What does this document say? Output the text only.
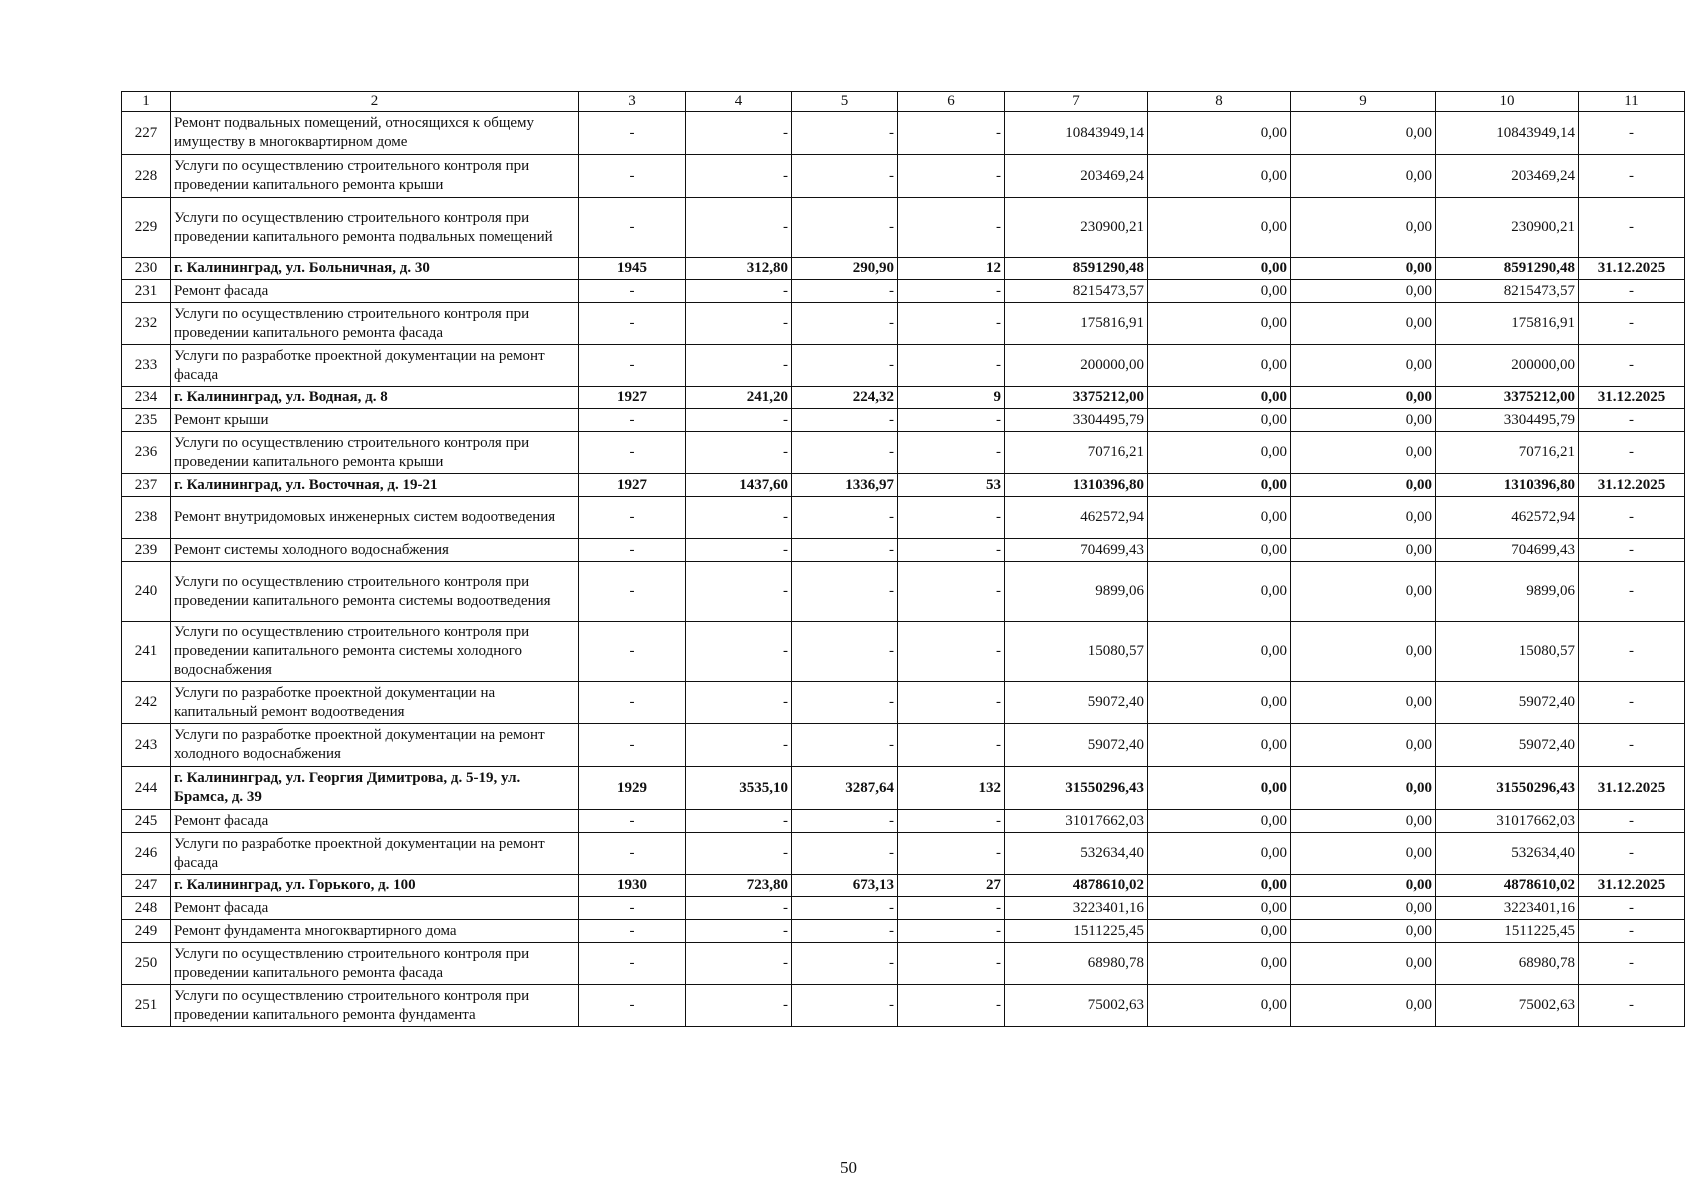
1	2	3	4	5	6	7	8	9	10	11
227	Ремонт подвальных помещений, относящихся к общему имуществу в многоквартирном доме	-	-	-	-	10843949,14	0,00	0,00	10843949,14	-
228	Услуги по осуществлению строительного контроля при проведении капитального ремонта крыши	-	-	-	-	203469,24	0,00	0,00	203469,24	-
229	Услуги по осуществлению строительного контроля при проведении капитального ремонта подвальных помещений	-	-	-	-	230900,21	0,00	0,00	230900,21	-
230	г. Калининград, ул. Больничная, д. 30	1945	312,80	290,90	12	8591290,48	0,00	0,00	8591290,48	31.12.2025
231	Ремонт фасада	-	-	-	-	8215473,57	0,00	0,00	8215473,57	-
232	Услуги по осуществлению строительного контроля при проведении капитального ремонта фасада	-	-	-	-	175816,91	0,00	0,00	175816,91	-
233	Услуги по разработке проектной документации на ремонт фасада	-	-	-	-	200000,00	0,00	0,00	200000,00	-
234	г. Калининград, ул. Водная, д. 8	1927	241,20	224,32	9	3375212,00	0,00	0,00	3375212,00	31.12.2025
235	Ремонт крыши	-	-	-	-	3304495,79	0,00	0,00	3304495,79	-
236	Услуги по осуществлению строительного контроля при проведении капитального ремонта крыши	-	-	-	-	70716,21	0,00	0,00	70716,21	-
237	г. Калининград, ул. Восточная, д. 19-21	1927	1437,60	1336,97	53	1310396,80	0,00	0,00	1310396,80	31.12.2025
238	Ремонт внутридомовых инженерных систем водоотведения	-	-	-	-	462572,94	0,00	0,00	462572,94	-
239	Ремонт системы холодного водоснабжения	-	-	-	-	704699,43	0,00	0,00	704699,43	-
240	Услуги по осуществлению строительного контроля при проведении капитального ремонта системы водоотведения	-	-	-	-	9899,06	0,00	0,00	9899,06	-
241	Услуги по осуществлению строительного контроля при проведении капитального ремонта системы холодного водоснабжения	-	-	-	-	15080,57	0,00	0,00	15080,57	-
242	Услуги по разработке проектной документации на капитальный ремонт водоотведения	-	-	-	-	59072,40	0,00	0,00	59072,40	-
243	Услуги по разработке проектной документации на ремонт холодного водоснабжения	-	-	-	-	59072,40	0,00	0,00	59072,40	-
244	г. Калининград, ул. Георгия Димитрова, д. 5-19, ул. Брамса, д. 39	1929	3535,10	3287,64	132	31550296,43	0,00	0,00	31550296,43	31.12.2025
245	Ремонт фасада	-	-	-	-	31017662,03	0,00	0,00	31017662,03	-
246	Услуги по разработке проектной документации на ремонт фасада	-	-	-	-	532634,40	0,00	0,00	532634,40	-
247	г. Калининград, ул. Горького, д. 100	1930	723,80	673,13	27	4878610,02	0,00	0,00	4878610,02	31.12.2025
248	Ремонт фасада	-	-	-	-	3223401,16	0,00	0,00	3223401,16	-
249	Ремонт фундамента многоквартирного дома	-	-	-	-	1511225,45	0,00	0,00	1511225,45	-
250	Услуги по осуществлению строительного контроля при проведении капитального ремонта фасада	-	-	-	-	68980,78	0,00	0,00	68980,78	-
251	Услуги по осуществлению строительного контроля при проведении капитального ремонта фундамента	-	-	-	-	75002,63	0,00	0,00	75002,63	-
50
